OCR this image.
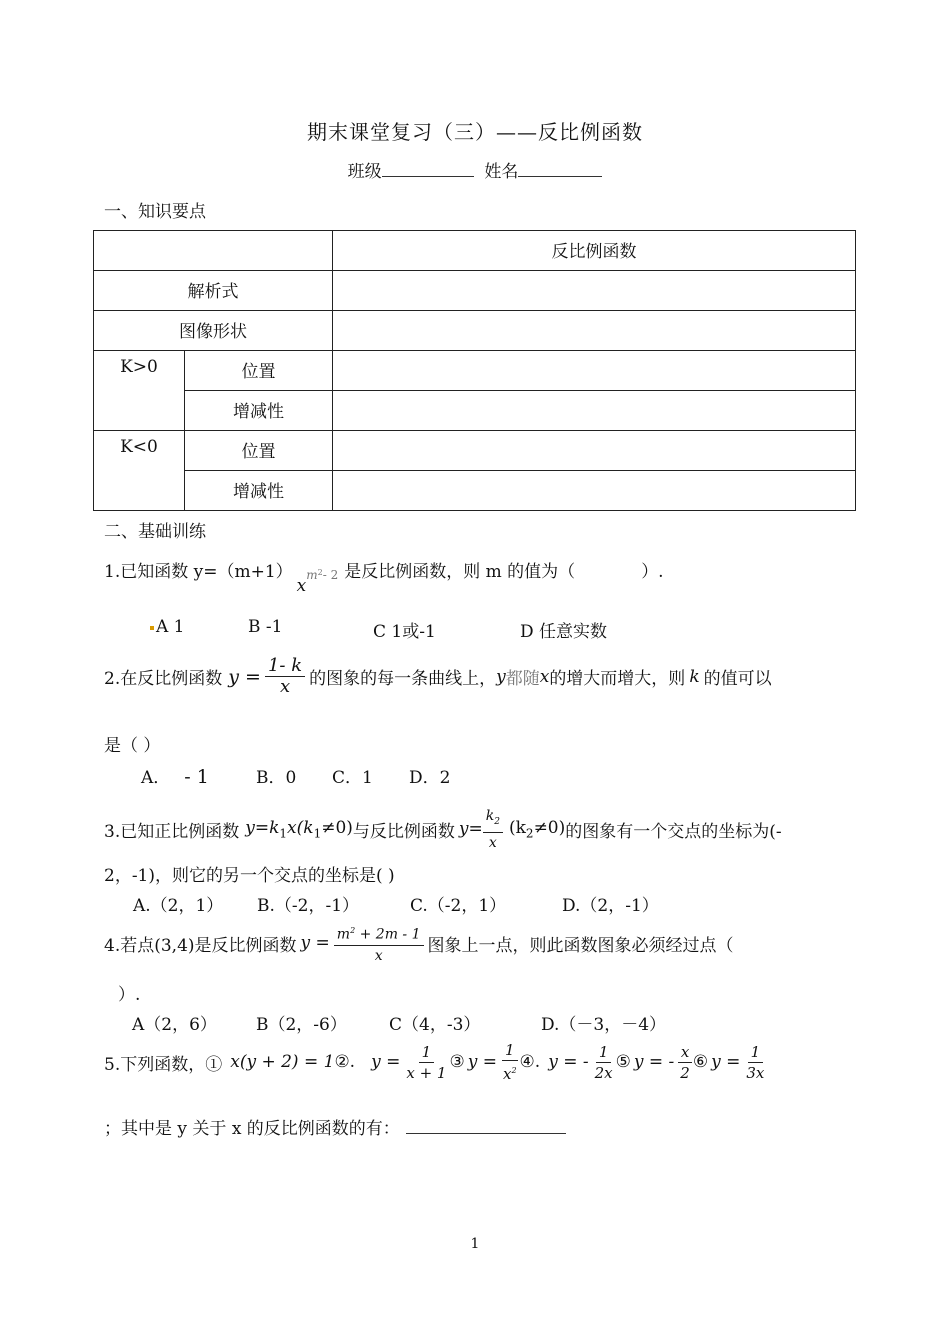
期末课堂复习（三）——反比例函数
班级	姓名
一、知识要点

		反比例函数

解析式		

图像形状		

K>0	位置	

	增减性	

K<0	位置	

	增减性	

二、基础训练
1.已知函数 $y=(m+1)x^{m^2- 2}$ 是反比例函数，则 m 的值为（	）.
A 1	B -1	C 1或-1	D 任意实数
2.在反比例函数 $y = \frac{1- k}{x}$ 的图象的每一条曲线上， y 都随 x 的增大而增大，则 k 的值可以
是（ ）
A． - 1	B．0 C．1 D．2
3.已知正比例函数 $y=k_1x(k_1\ne 0)$ 与反比例函数 $y= \frac{k_2}{x} (k_2\ne 0)$ 的图象有一个交点的坐标为(-
2，-1)，则它的另一个交点的坐标是( )
A.（2，1） B.（-2，-1）	C.（-2，1）	D.（2，-1）
4.若点(3,4)是反比例函数 $y = \frac{m^2 + 2m - 1}{x}$ 图象上一点，则此函数图象必须经过点（
）.
A（2，6） B（2，-6） C（4，-3）	D.（－3，－4）
5.下列函数，① x(y + 2) = 1 ②. $y = \frac{1}{x + 1}$ ③ $y = \frac{1}{x^2}$ ④. y = - $\frac{1}{2x}$ ⑤ y = - $\frac{x}{2}$ ⑥ $y = \frac{1}{3x}$
；其中是 y 关于 x 的反比例函数的有：
1
